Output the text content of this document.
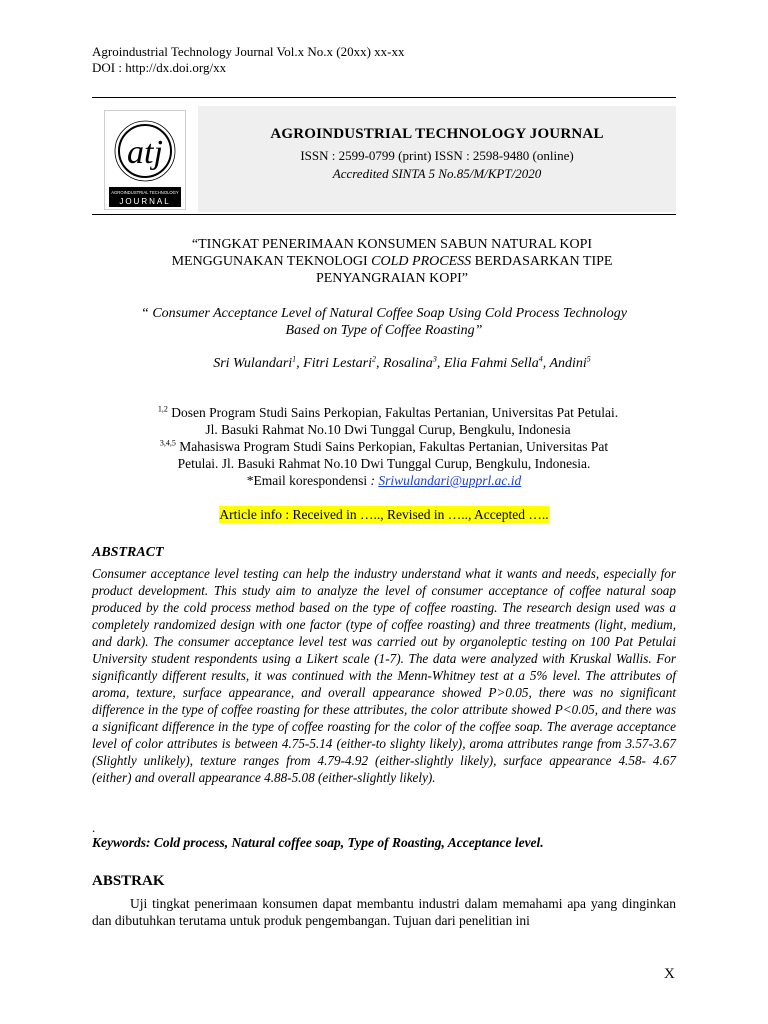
Agroindustrial Technology Journal Vol.x No.x (20xx) xx-xx
DOI : http://dx.doi.org/xx
atj
AGROINDUSTRIAL TECHNOLOGY
JOURNAL
AGROINDUSTRIAL TECHNOLOGY JOURNAL
ISSN : 2599-0799 (print) ISSN : 2598-9480 (online)
Accredited SINTA 5 No.85/M/KPT/2020
“TINGKAT PENERIMAAN KONSUMEN SABUN NATURAL KOPI
MENGGUNAKAN TEKNOLOGI COLD PROCESS BERDASARKAN TIPE
PENYANGRAIAN KOPI”
“ Consumer Acceptance Level of Natural Coffee Soap Using Cold Process Technology
Based on Type of Coffee Roasting”
Sri Wulandari$^1$, Fitri Lestari$^2$, Rosalina$^3$, Elia Fahmi Sella$^4$, Andini$^5$
$^{1,2}$ Dosen Program Studi Sains Perkopian, Fakultas Pertanian, Universitas Pat Petulai.
Jl. Basuki Rahmat No.10 Dwi Tunggal Curup, Bengkulu, Indonesia
$^{3,4,5}$ Mahasiswa Program Studi Sains Perkopian, Fakultas Pertanian, Universitas Pat
Petulai. Jl. Basuki Rahmat No.10 Dwi Tunggal Curup, Bengkulu, Indonesia.
*Email korespondensi : Sriwulandari@upprl.ac.id
Article info : Received in ….., Revised in ….., Accepted …..
ABSTRACT
Consumer acceptance level testing can help the industry understand what it wants and needs, especially for product development. This study aim to analyze the level of consumer acceptance of coffee natural soap produced by the cold process method based on the type of coffee roasting. The research design used was a completely randomized design with one factor (type of coffee roasting) and three treatments (light, medium, and dark). The consumer acceptance level test was carried out by organoleptic testing on 100 Pat Petulai University student respondents using a Likert scale (1-7). The data were analyzed with Kruskal Wallis. For significantly different results, it was continued with the Menn-Whitney test at a 5% level. The attributes of aroma, texture, surface appearance, and overall appearance showed P>0.05, there was no significant difference in the type of coffee roasting for these attributes, the color attribute showed P<0.05, and there was a significant difference in the type of coffee roasting for the color of the coffee soap. The average acceptance level of color attributes is between 4.75-5.14 (either-to slighty likely), aroma attributes range from 3.57-3.67 (Slightly unlikely), texture ranges from 4.79-4.92 (either-slightly likely), surface appearance 4.58- 4.67 (either) and overall appearance 4.88-5.08 (either-slightly likely).
.
Keywords: Cold process, Natural coffee soap, Type of Roasting, Acceptance level.
ABSTRAK
Uji tingkat penerimaan konsumen dapat membantu industri dalam memahami apa yang dinginkan dan dibutuhkan terutama untuk produk pengembangan. Tujuan dari penelitian ini
X
